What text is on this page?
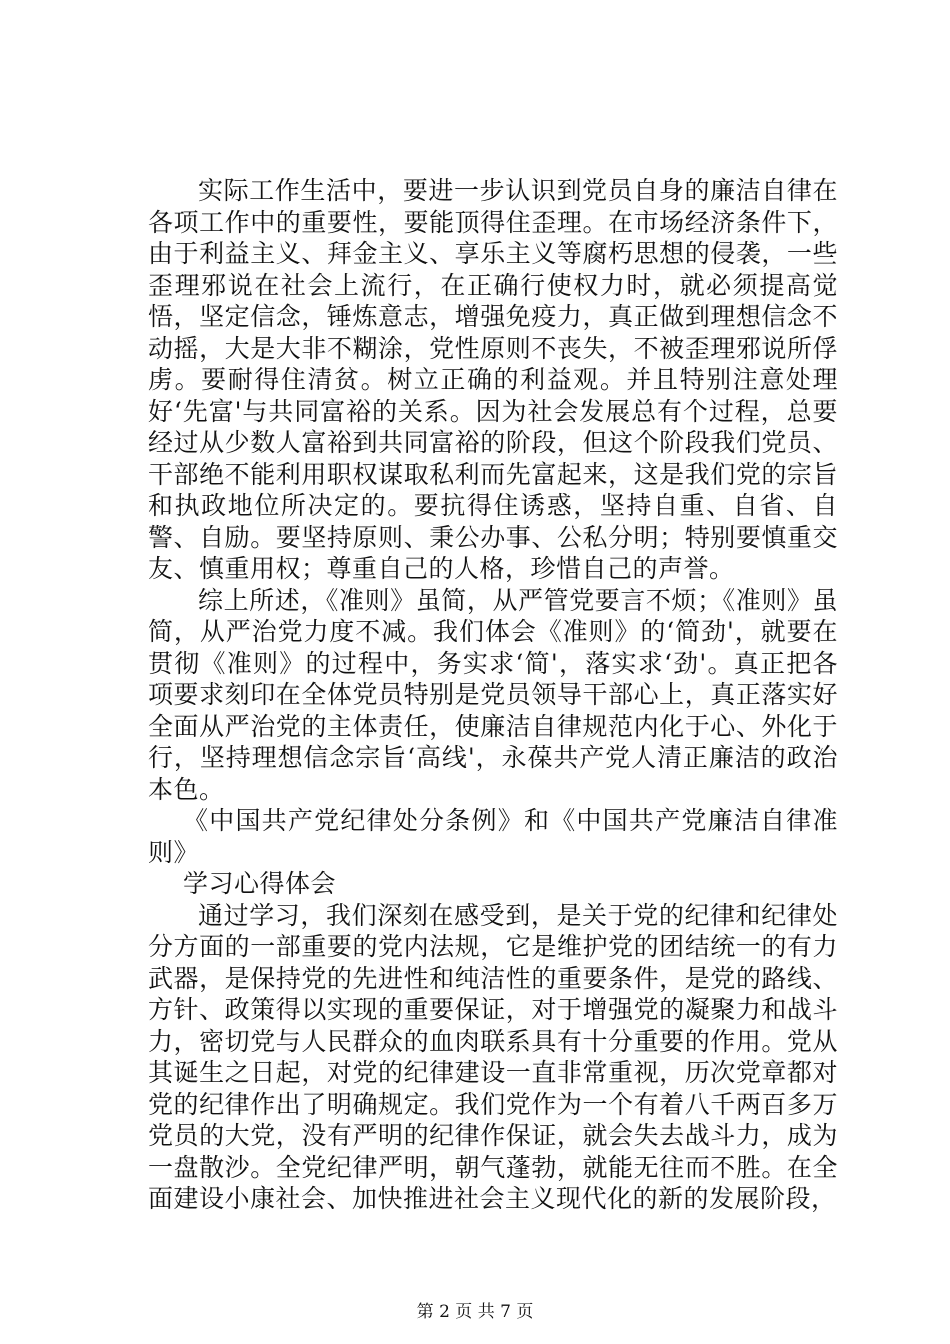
实际工作生活中，要进一步认识到党员自身的廉洁自律在各项工作中的重要性，要能顶得住歪理。在市场经济条件下，由于利益主义、拜金主义、享乐主义等腐朽思想的侵袭，一些歪理邪说在社会上流行，在正确行使权力时，就必须提高觉悟，坚定信念，锤炼意志，增强免疫力，真正做到理想信念不动摇，大是大非不糊涂，党性原则不丧失，不被歪理邪说所俘虏。要耐得住清贫。树立正确的利益观。并且特别注意处理好‘先富'与共同富裕的关系。因为社会发展总有个过程，总要经过从少数人富裕到共同富裕的阶段，但这个阶段我们党员、干部绝不能利用职权谋取私利而先富起来，这是我们党的宗旨和执政地位所决定的。要抗得住诱惑，坚持自重、自省、自警、自励。要坚持原则、秉公办事、公私分明；特别要慎重交友、慎重用权；尊重自己的人格，珍惜自己的声誉。

综上所述，《准则》虽简，从严管党要言不烦；《准则》虽简，从严治党力度不减。我们体会《准则》的‘简劲'，就要在贯彻《准则》的过程中，务实求‘简'，落实求‘劲'。真正把各项要求刻印在全体党员特别是党员领导干部心上，真正落实好全面从严治党的主体责任，使廉洁自律规范内化于心、外化于行，坚持理想信念宗旨‘高线'，永葆共产党人清正廉洁的政治本色。

《中国共产党纪律处分条例》和《中国共产党廉洁自律准则》

学习心得体会

通过学习，我们深刻在感受到，是关于党的纪律和纪律处分方面的一部重要的党内法规，它是维护党的团结统一的有力武器，是保持党的先进性和纯洁性的重要条件，是党的路线、方针、政策得以实现的重要保证，对于增强党的凝聚力和战斗力，密切党与人民群众的血肉联系具有十分重要的作用。党从其诞生之日起，对党的纪律建设一直非常重视，历次党章都对党的纪律作出了明确规定。我们党作为一个有着八千两百多万党员的大党，没有严明的纪律作保证，就会失去战斗力，成为一盘散沙。全党纪律严明，朝气蓬勃，就能无往而不胜。在全面建设小康社会、加快推进社会主义现代化的新的发展阶段，

第 2 页 共 7 页
